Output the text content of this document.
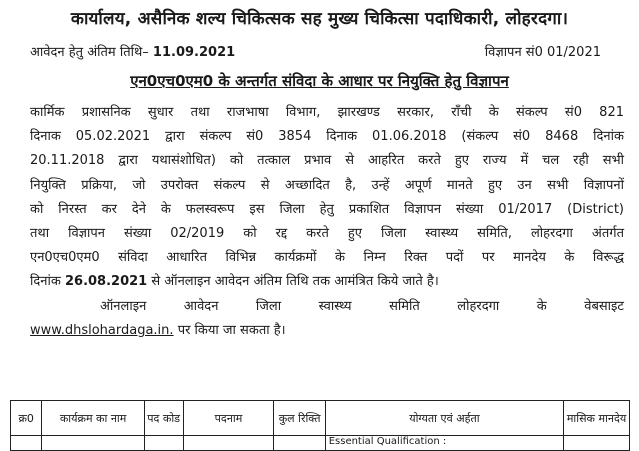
कार्यालय, असैनिक शल्य चिकित्सक सह मुख्य चिकित्सा पदाधिकारी, लोहरदगा।
आवेदन हेतु अंतिम तिथि– 11.09.2021	विज्ञापन सं0 01/2021
एन0एच0एम0 के अन्तर्गत संविदा के आधार पर नियुक्ति हेतु विज्ञापन
कार्मिक प्रशासनिक सुधार तथा राजभाषा विभाग, झारखण्ड सरकार, राँची के संकल्प सं0 821
दिनाक 05.02.2021 द्वारा संकल्प सं0 3854 दिनाक 01.06.2018 (संकल्प सं0 8468 दिनांक
20.11.2018 द्वारा यथासंशोधित) को तत्काल प्रभाव से आहरित करते हुए राज्य में चल रही सभी
नियुक्ति प्रक्रिया, जो उपरोक्त संकल्प से अच्छादित है, उन्हें अपूर्ण मानते हुए उन सभी विज्ञापनों
को निरस्त कर देने के फलस्वरूप इस जिला हेतु प्रकाशित विज्ञापन संख्या 01/2017 (District)
तथा विज्ञापन संख्या 02/2019 को रद्द करते हुए जिला स्वास्थ्य समिति, लोहरदगा अंतर्गत
एन0एच0एम0 संविदा आधारित विभिन्न कार्यक्रमों के निम्न रिक्त पदों पर मानदेय के विरूद्ध
दिनांक 26.08.2021 से ऑनलाइन आवेदन अंतिम तिथि तक आमंत्रित किये जाते है।
ऑनलाइन आवेदन जिला स्वास्थ्य समिति लोहरदगा के वेबसाइट
www.dhslohardaga.in. पर किया जा सकता है।
क्र0	कार्यक्रम का नाम	पद कोड	पदनाम	कुल रिक्ति	योग्यता एवं अर्हता	मासिक मानदेय
					Essential Qualification :	
